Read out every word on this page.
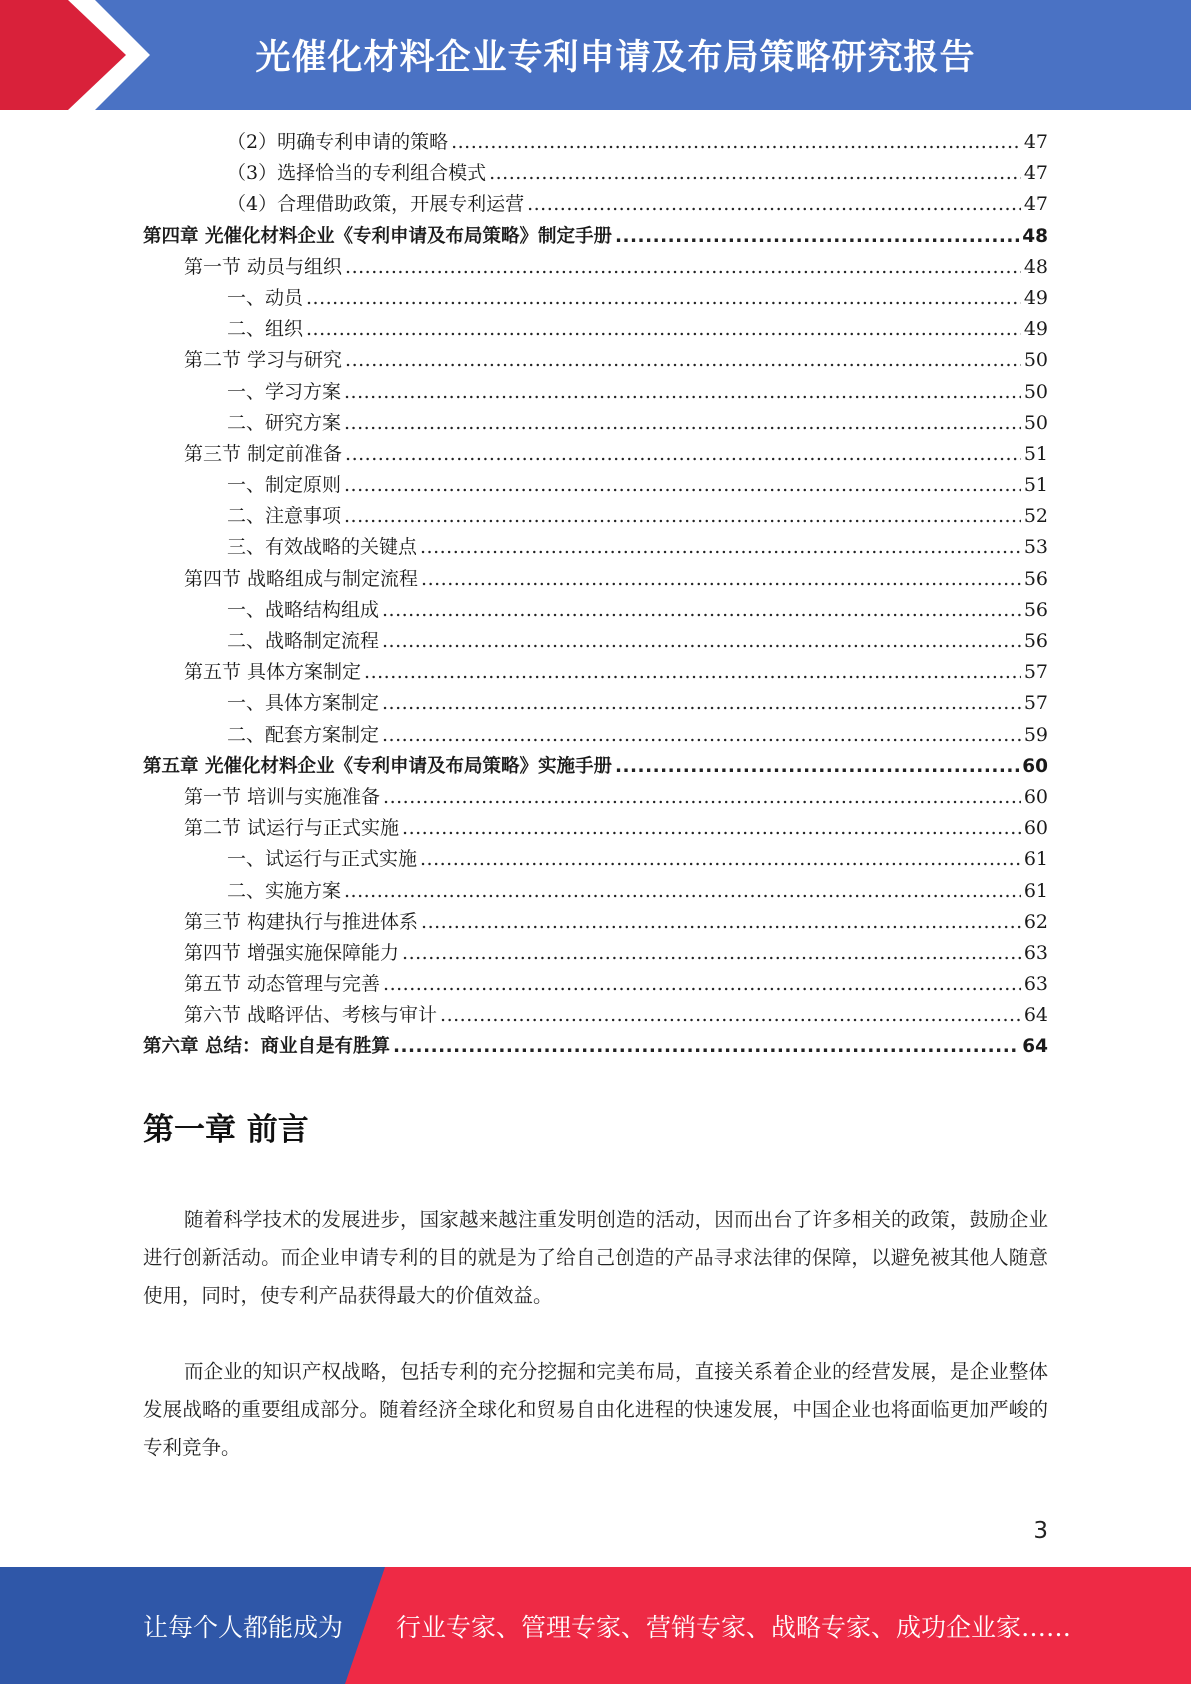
光催化材料企业专利申请及布局策略研究报告
（2）明确专利申请的策略 .....	47
（3）选择恰当的专利组合模式 .....	47
（4）合理借助政策，开展专利运营 .....	47
第四章 光催化材料企业《专利申请及布局策略》制定手册 .....	48
第一节 动员与组织 .....	48
一、动员 .....	49
二、组织 .....	49
第二节 学习与研究 .....	50
一、学习方案 .....	50
二、研究方案 .....	50
第三节 制定前准备 .....	51
一、制定原则 .....	51
二、注意事项 .....	52
三、有效战略的关键点 .....	53
第四节 战略组成与制定流程 .....	56
一、战略结构组成 .....	56
二、战略制定流程 .....	56
第五节 具体方案制定 .....	57
一、具体方案制定 .....	57
二、配套方案制定 .....	59
第五章 光催化材料企业《专利申请及布局策略》实施手册 .....	60
第一节 培训与实施准备 .....	60
第二节 试运行与正式实施 .....	60
一、试运行与正式实施 .....	61
二、实施方案 .....	61
第三节 构建执行与推进体系 .....	62
第四节 增强实施保障能力 .....	63
第五节 动态管理与完善 .....	63
第六节 战略评估、考核与审计 .....	64
第六章 总结：商业自是有胜算 .....	64
第一章 前言

随着科学技术的发展进步，国家越来越注重发明创造的活动，因而出台了许多相关的政策，鼓励企业进行创新活动。而企业申请专利的目的就是为了给自己创造的产品寻求法律的保障，以避免被其他人随意使用，同时，使专利产品获得最大的价值效益。

而企业的知识产权战略，包括专利的充分挖掘和完美布局，直接关系着企业的经营发展，是企业整体发展战略的重要组成部分。随着经济全球化和贸易自由化进程的快速发展，中国企业也将面临更加严峻的专利竞争。

3
让每个人都能成为 行业专家、管理专家、营销专家、战略专家、成功企业家……
